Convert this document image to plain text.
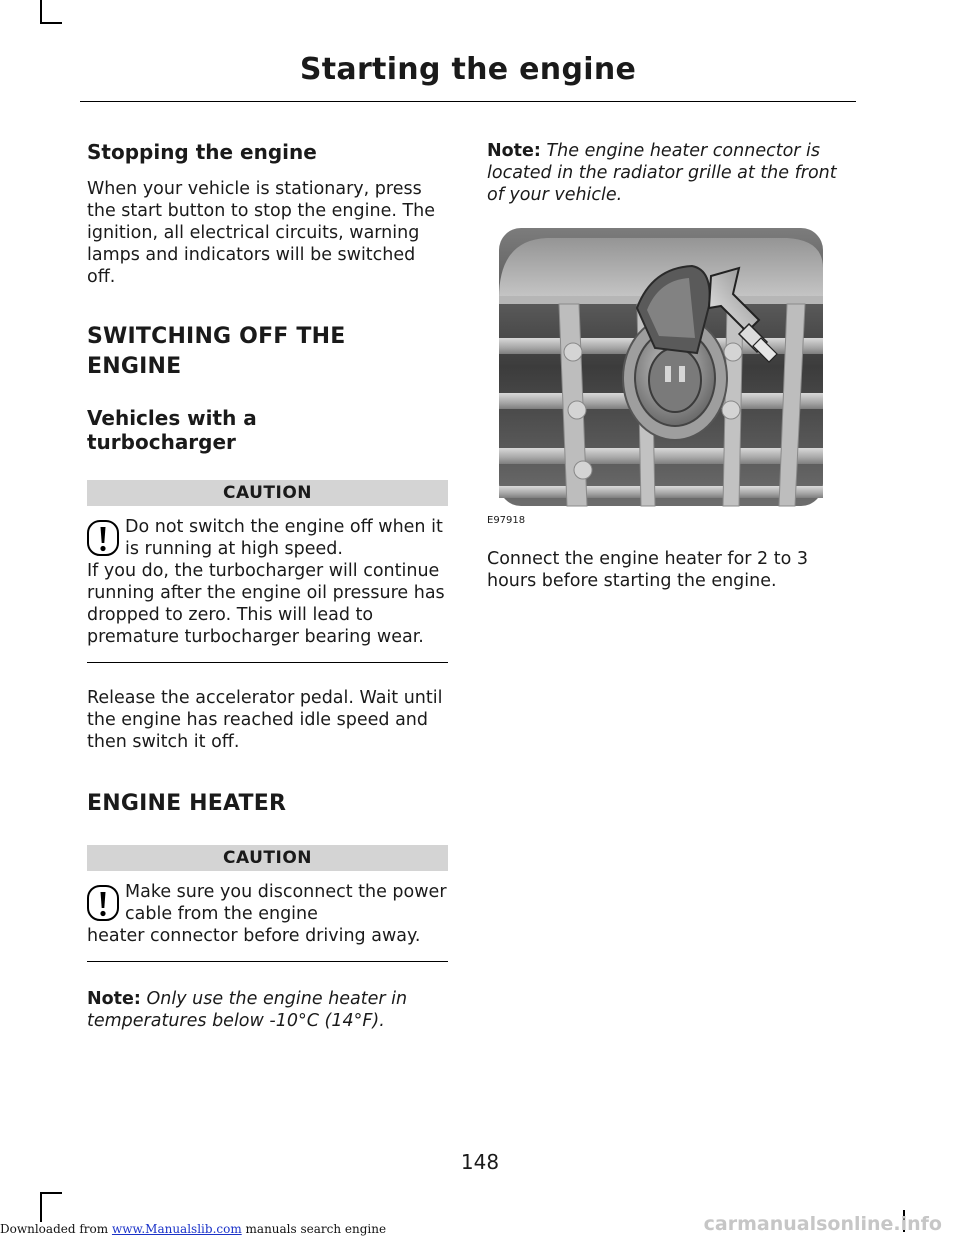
Starting the engine
Stopping the engine

When your vehicle is stationary, press the start button to stop the engine. The ignition, all electrical circuits, warning lamps and indicators will be switched off.

SWITCHING OFF THE
ENGINE
Vehicles with a turbocharger
CAUTION

Do not switch the engine off when it is running at high speed.
If you do, the turbocharger will continue running after the engine oil pressure has dropped to zero. This will lead to premature turbocharger bearing wear.

Release the accelerator pedal. Wait until the engine has reached idle speed and then switch it off.

ENGINE HEATER
CAUTION

Make sure you disconnect the power cable from the engine
heater connector before driving away.

Note: Only use the engine heater in temperatures below -10°C (14°F).

Note: The engine heater connector is located in the radiator grille at the front of your vehicle.

E97918

Connect the engine heater for 2 to 3 hours before starting the engine.

148
Downloaded from www.Manualslib.com manuals search engine	carmanualsonline.info
